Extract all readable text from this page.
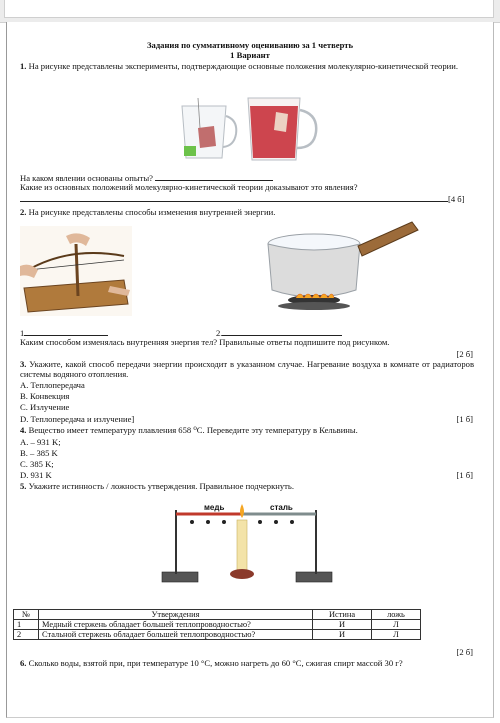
Задания по суммативному оцениванию за 1 четверть
1 Вариант
1. На рисунке представлены эксперименты, подтверждающие основные положения молекулярно-кинетической теории.
На каком явлении основаны опыты?
Какие из основных положений молекулярно-кинетической теории доказывают это явления?
[4 б]
2. На рисунке представлены способы изменения внутренней энергии.
1	2.
Каким способом изменялась внутренняя энергия тел? Правильные ответы подпишите под рисунком.
[2 б]
3. Укажите, какой способ передачи энергии происходит в указанном случае. Нагревание воздуха в комнате от радиаторов системы водяного отопления.
A. Теплопередача
B. Конвекция
C. Излучение
D. Теплопередача и излучение]	[1 б]
4. Вещество имеет температуру плавления 658 ⁰С. Переведите эту температуру в Кельвины.
A. – 931 K;
B. – 385 K
C. 385 K;
D. 931 K	[1 б]
5. Укажите истинность / ложность утверждения. Правильное подчеркнуть.
медь	сталь
№	Утверждения	Истина	ложь
1	Медный стержень обладает большей теплопроводностью?	И	Л
2	Стальной стержень обладает большей теплопроводностью?	И	Л
[2 б]
6. Сколько воды, взятой при, при температуре 10 °С, можно нагреть до 60 °С, сжигая спирт массой 30 г?
